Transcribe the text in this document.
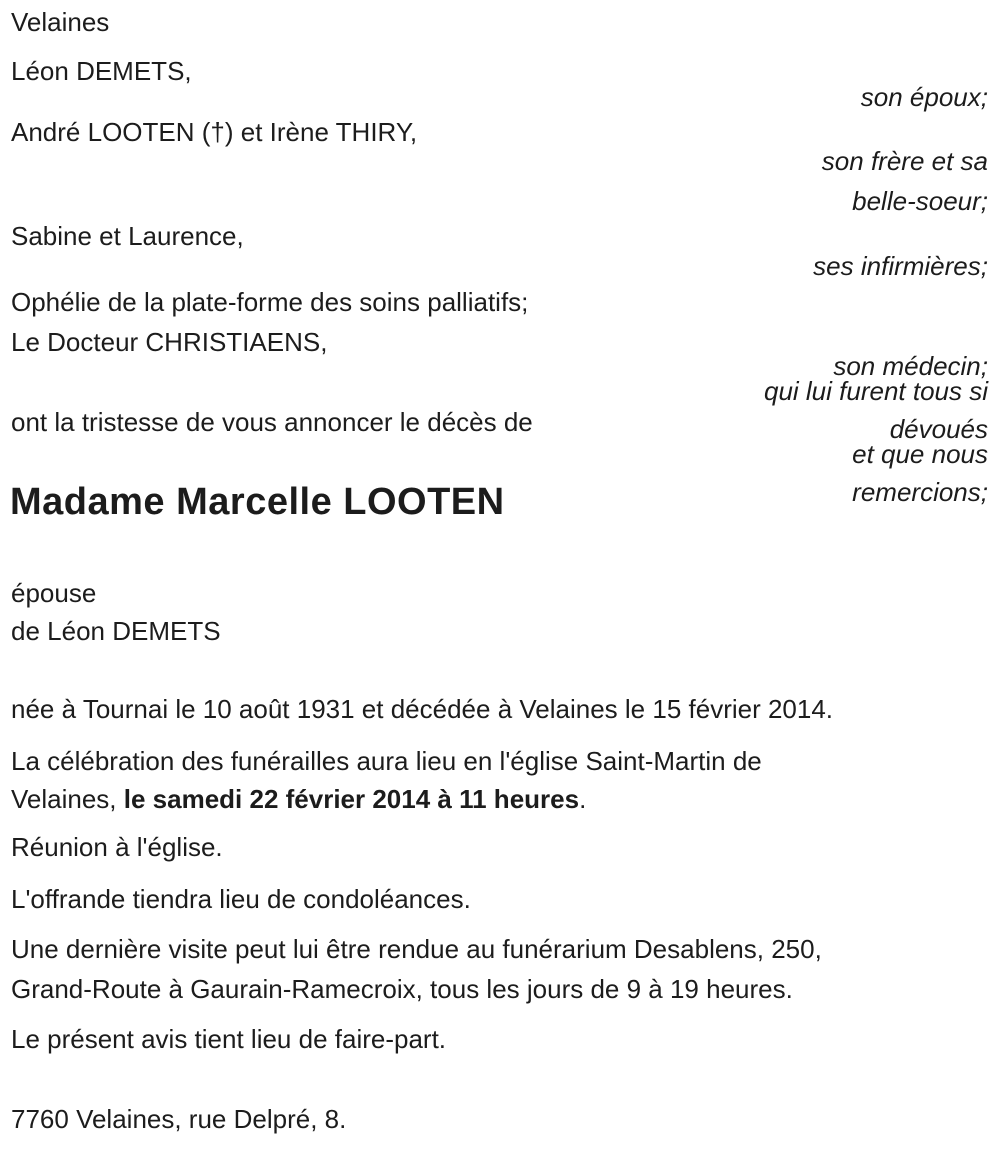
Velaines
Léon DEMETS,
André LOOTEN (†) et Irène THIRY,
Sabine et Laurence,
Ophélie de la plate-forme des soins palliatifs;
Le Docteur CHRISTIAENS,
ont la tristesse de vous annoncer le décès de
Madame Marcelle LOOTEN
épouse
de Léon DEMETS
née à Tournai le 10 août 1931 et décédée à Velaines le 15 février 2014.
La célébration des funérailles aura lieu en l'église Saint-Martin de
Velaines, le samedi 22 février 2014 à 11 heures.
Réunion à l'église.
L'offrande tiendra lieu de condoléances.
Une dernière visite peut lui être rendue au funérarium Desablens, 250,
Grand-Route à Gaurain-Ramecroix, tous les jours de 9 à 19 heures.
Le présent avis tient lieu de faire-part.
7760 Velaines, rue Delpré, 8.
son époux;
son frère et sa
belle-soeur;
ses infirmières;
son médecin;
qui lui furent tous si
dévoués
et que nous
remercions;
